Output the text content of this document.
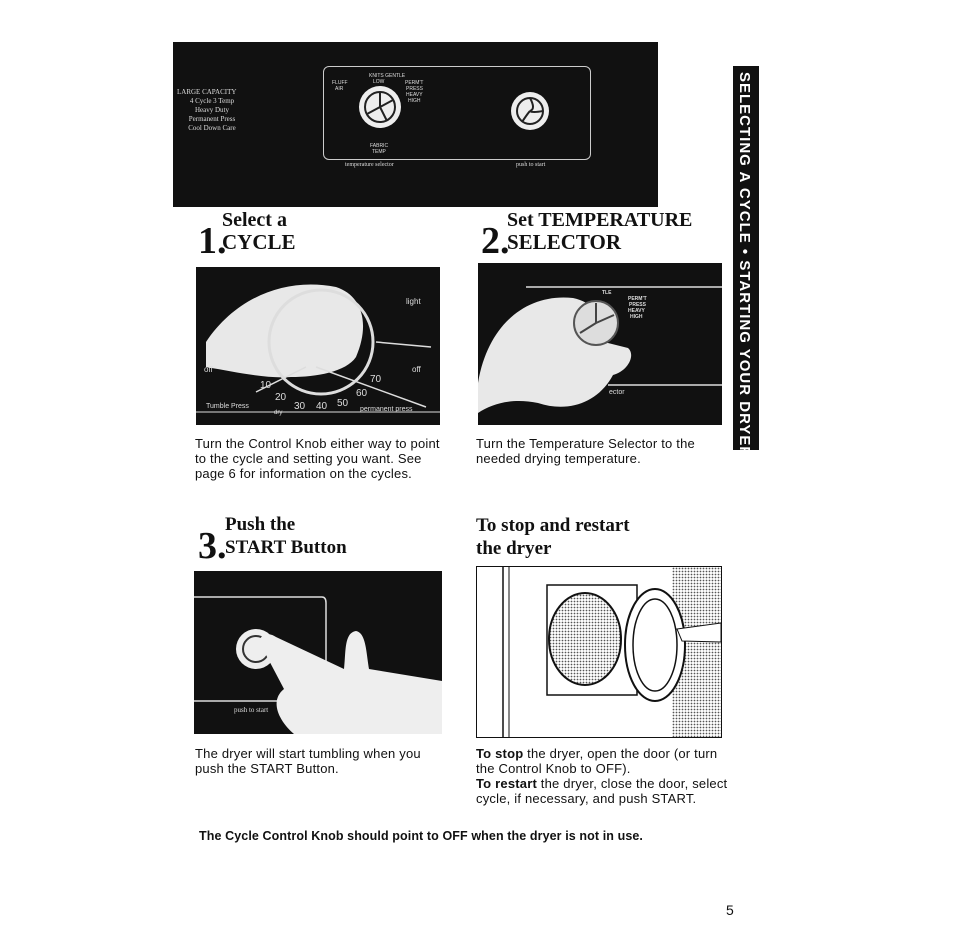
SELECTING A CYCLE • STARTING YOUR DRYER
LARGE CAPACITY
4 Cycle 3 Temp
Heavy Duty
Permanent Press
Cool Down Care
KNITS GENTLE
FLUFF
AIR
LOW	PERM'T
PRESS
HEAVY
HIGH
FABRIC
TEMP
temperature selector	push to start
1.
Select a
CYCLE
light
off	off
10
20
30 40 50
60
70
Tumble Press
dry	permanent press
Turn the Control Knob either way to point to the cycle and setting you want. See page 6 for information on the cycles.
2.
Set TEMPERATURE
SELECTOR
TLE
PERM'T
PRESS
HEAVY
HIGH
ector
Turn the Temperature Selector to the needed drying temperature.
3.
Push the
START Button
push to start
The dryer will start tumbling when you push the START Button.
To stop and restart
the dryer
To stop the dryer, open the door (or turn the Control Knob to OFF).
To restart the dryer, close the door, select cycle, if necessary, and push START.
The Cycle Control Knob should point to OFF when the dryer is not in use.
5
